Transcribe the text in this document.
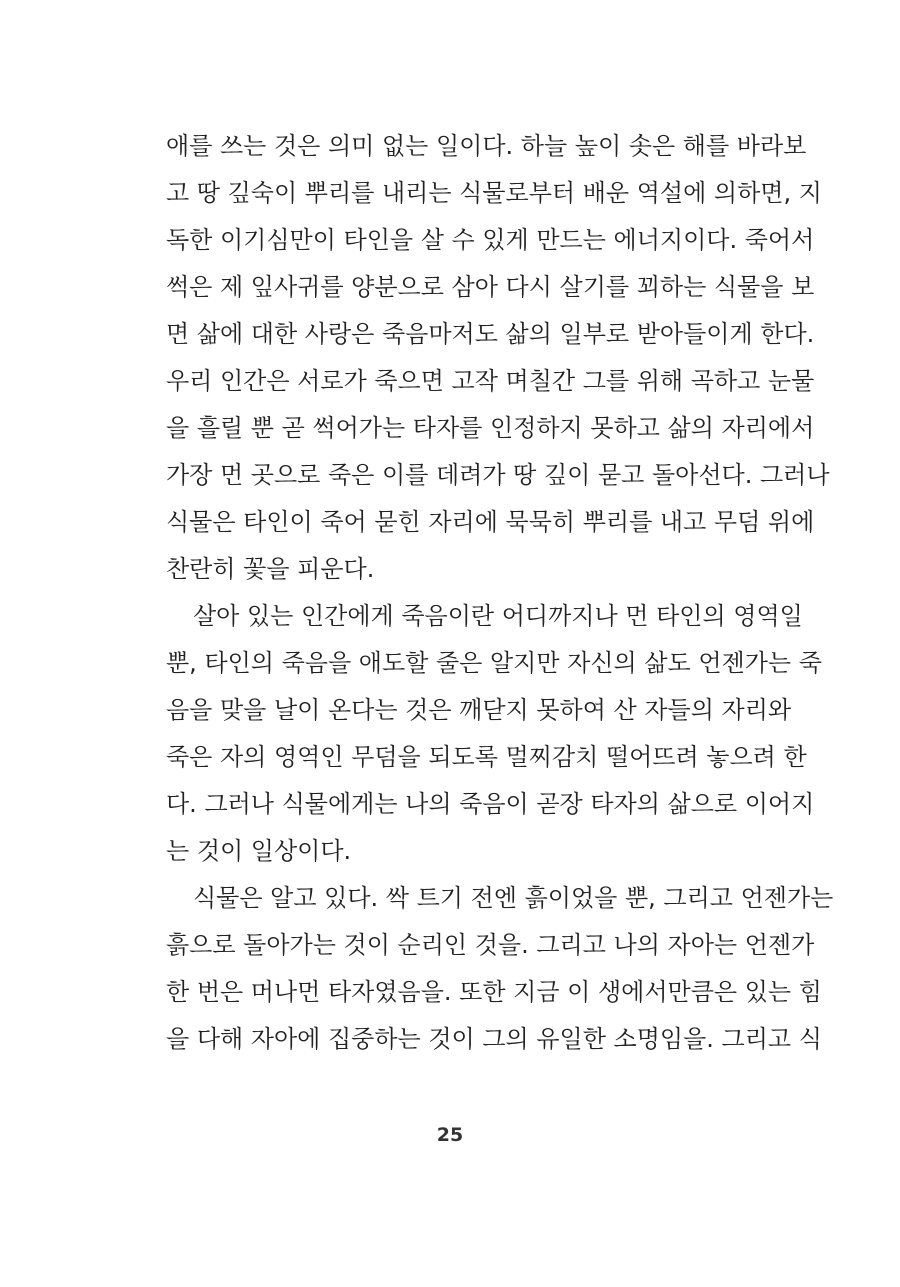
애를 쓰는 것은 의미 없는 일이다. 하늘 높이 솟은 해를 바라보
고 땅 깊숙이 뿌리를 내리는 식물로부터 배운 역설에 의하면, 지
독한 이기심만이 타인을 살 수 있게 만드는 에너지이다. 죽어서
썩은 제 잎사귀를 양분으로 삼아 다시 살기를 꾀하는 식물을 보
면 삶에 대한 사랑은 죽음마저도 삶의 일부로 받아들이게 한다.
우리 인간은 서로가 죽으면 고작 며칠간 그를 위해 곡하고 눈물
을 흘릴 뿐 곧 썩어가는 타자를 인정하지 못하고 삶의 자리에서
가장 먼 곳으로 죽은 이를 데려가 땅 깊이 묻고 돌아선다. 그러나
식물은 타인이 죽어 묻힌 자리에 묵묵히 뿌리를 내고 무덤 위에
찬란히 꽃을 피운다.
살아 있는 인간에게 죽음이란 어디까지나 먼 타인의 영역일
뿐, 타인의 죽음을 애도할 줄은 알지만 자신의 삶도 언젠가는 죽
음을 맞을 날이 온다는 것은 깨닫지 못하여 산 자들의 자리와
죽은 자의 영역인 무덤을 되도록 멀찌감치 떨어뜨려 놓으려 한
다. 그러나 식물에게는 나의 죽음이 곧장 타자의 삶으로 이어지
는 것이 일상이다.
식물은 알고 있다. 싹 트기 전엔 흙이었을 뿐, 그리고 언젠가는
흙으로 돌아가는 것이 순리인 것을. 그리고 나의 자아는 언젠가
한 번은 머나먼 타자였음을. 또한 지금 이 생에서만큼은 있는 힘
을 다해 자아에 집중하는 것이 그의 유일한 소명임을. 그리고 식
25
